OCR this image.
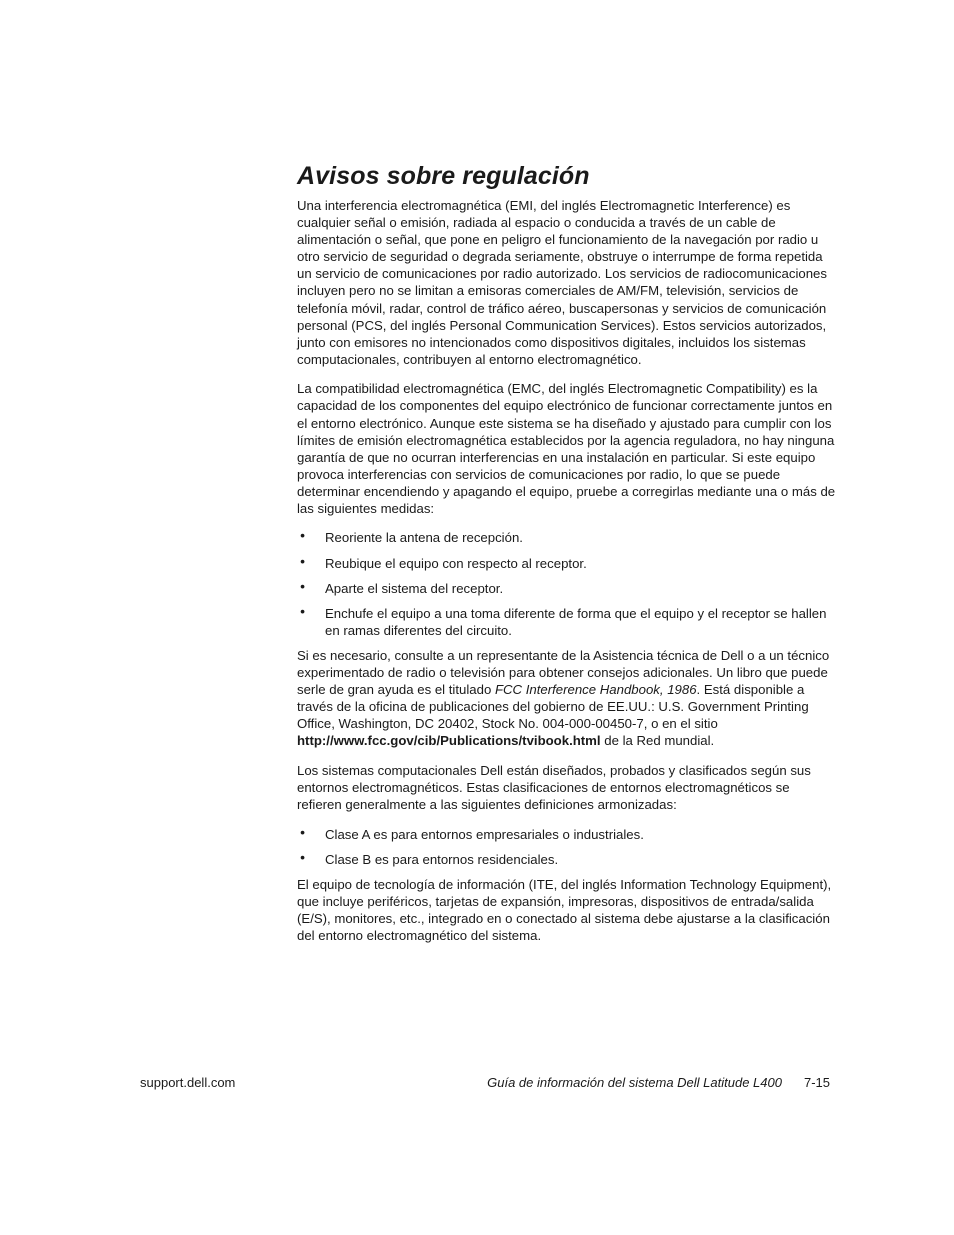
Avisos sobre regulación

Una interferencia electromagnética (EMI, del inglés Electromagnetic Interference) es cualquier señal o emisión, radiada al espacio o conducida a través de un cable de alimentación o señal, que pone en peligro el funcionamiento de la navegación por radio u otro servicio de seguridad o degrada seriamente, obstruye o interrumpe de forma repetida un servicio de comunicaciones por radio autorizado. Los servicios de radiocomunicaciones incluyen pero no se limitan a emisoras comerciales de AM/FM, televisión, servicios de telefonía móvil, radar, control de tráfico aéreo, buscapersonas y servicios de comunicación personal (PCS, del inglés Personal Communication Services). Estos servicios autorizados, junto con emisores no intencionados como dispositivos digitales, incluidos los sistemas computacionales, contribuyen al entorno electromagnético.

La compatibilidad electromagnética (EMC, del inglés Electromagnetic Compatibility) es la capacidad de los componentes del equipo electrónico de funcionar correctamente juntos en el entorno electrónico. Aunque este sistema se ha diseñado y ajustado para cumplir con los límites de emisión electromagnética establecidos por la agencia reguladora, no hay ninguna garantía de que no ocurran interferencias en una instalación en particular. Si este equipo provoca interferencias con servicios de comunicaciones por radio, lo que se puede determinar encendiendo y apagando el equipo, pruebe a corregirlas mediante una o más de las siguientes medidas:

• Reoriente la antena de recepción.
• Reubique el equipo con respecto al receptor.
• Aparte el sistema del receptor.
• Enchufe el equipo a una toma diferente de forma que el equipo y el receptor se hallen en ramas diferentes del circuito.

Si es necesario, consulte a un representante de la Asistencia técnica de Dell o a un técnico experimentado de radio o televisión para obtener consejos adicionales. Un libro que puede serle de gran ayuda es el titulado FCC Interference Handbook, 1986. Está disponible a través de la oficina de publicaciones del gobierno de EE.UU.: U.S. Government Printing Office, Washington, DC 20402, Stock No. 004-000-00450-7, o en el sitio http://www.fcc.gov/cib/Publications/tvibook.html de la Red mundial.

Los sistemas computacionales Dell están diseñados, probados y clasificados según sus entornos electromagnéticos. Estas clasificaciones de entornos electromagnéticos se refieren generalmente a las siguientes definiciones armonizadas:

• Clase A es para entornos empresariales o industriales.
• Clase B es para entornos residenciales.

El equipo de tecnología de información (ITE, del inglés Information Technology Equipment), que incluye periféricos, tarjetas de expansión, impresoras, dispositivos de entrada/salida (E/S), monitores, etc., integrado en o conectado al sistema debe ajustarse a la clasificación del entorno electromagnético del sistema.

support.dell.com	Guía de información del sistema Dell Latitude L400 7-15
